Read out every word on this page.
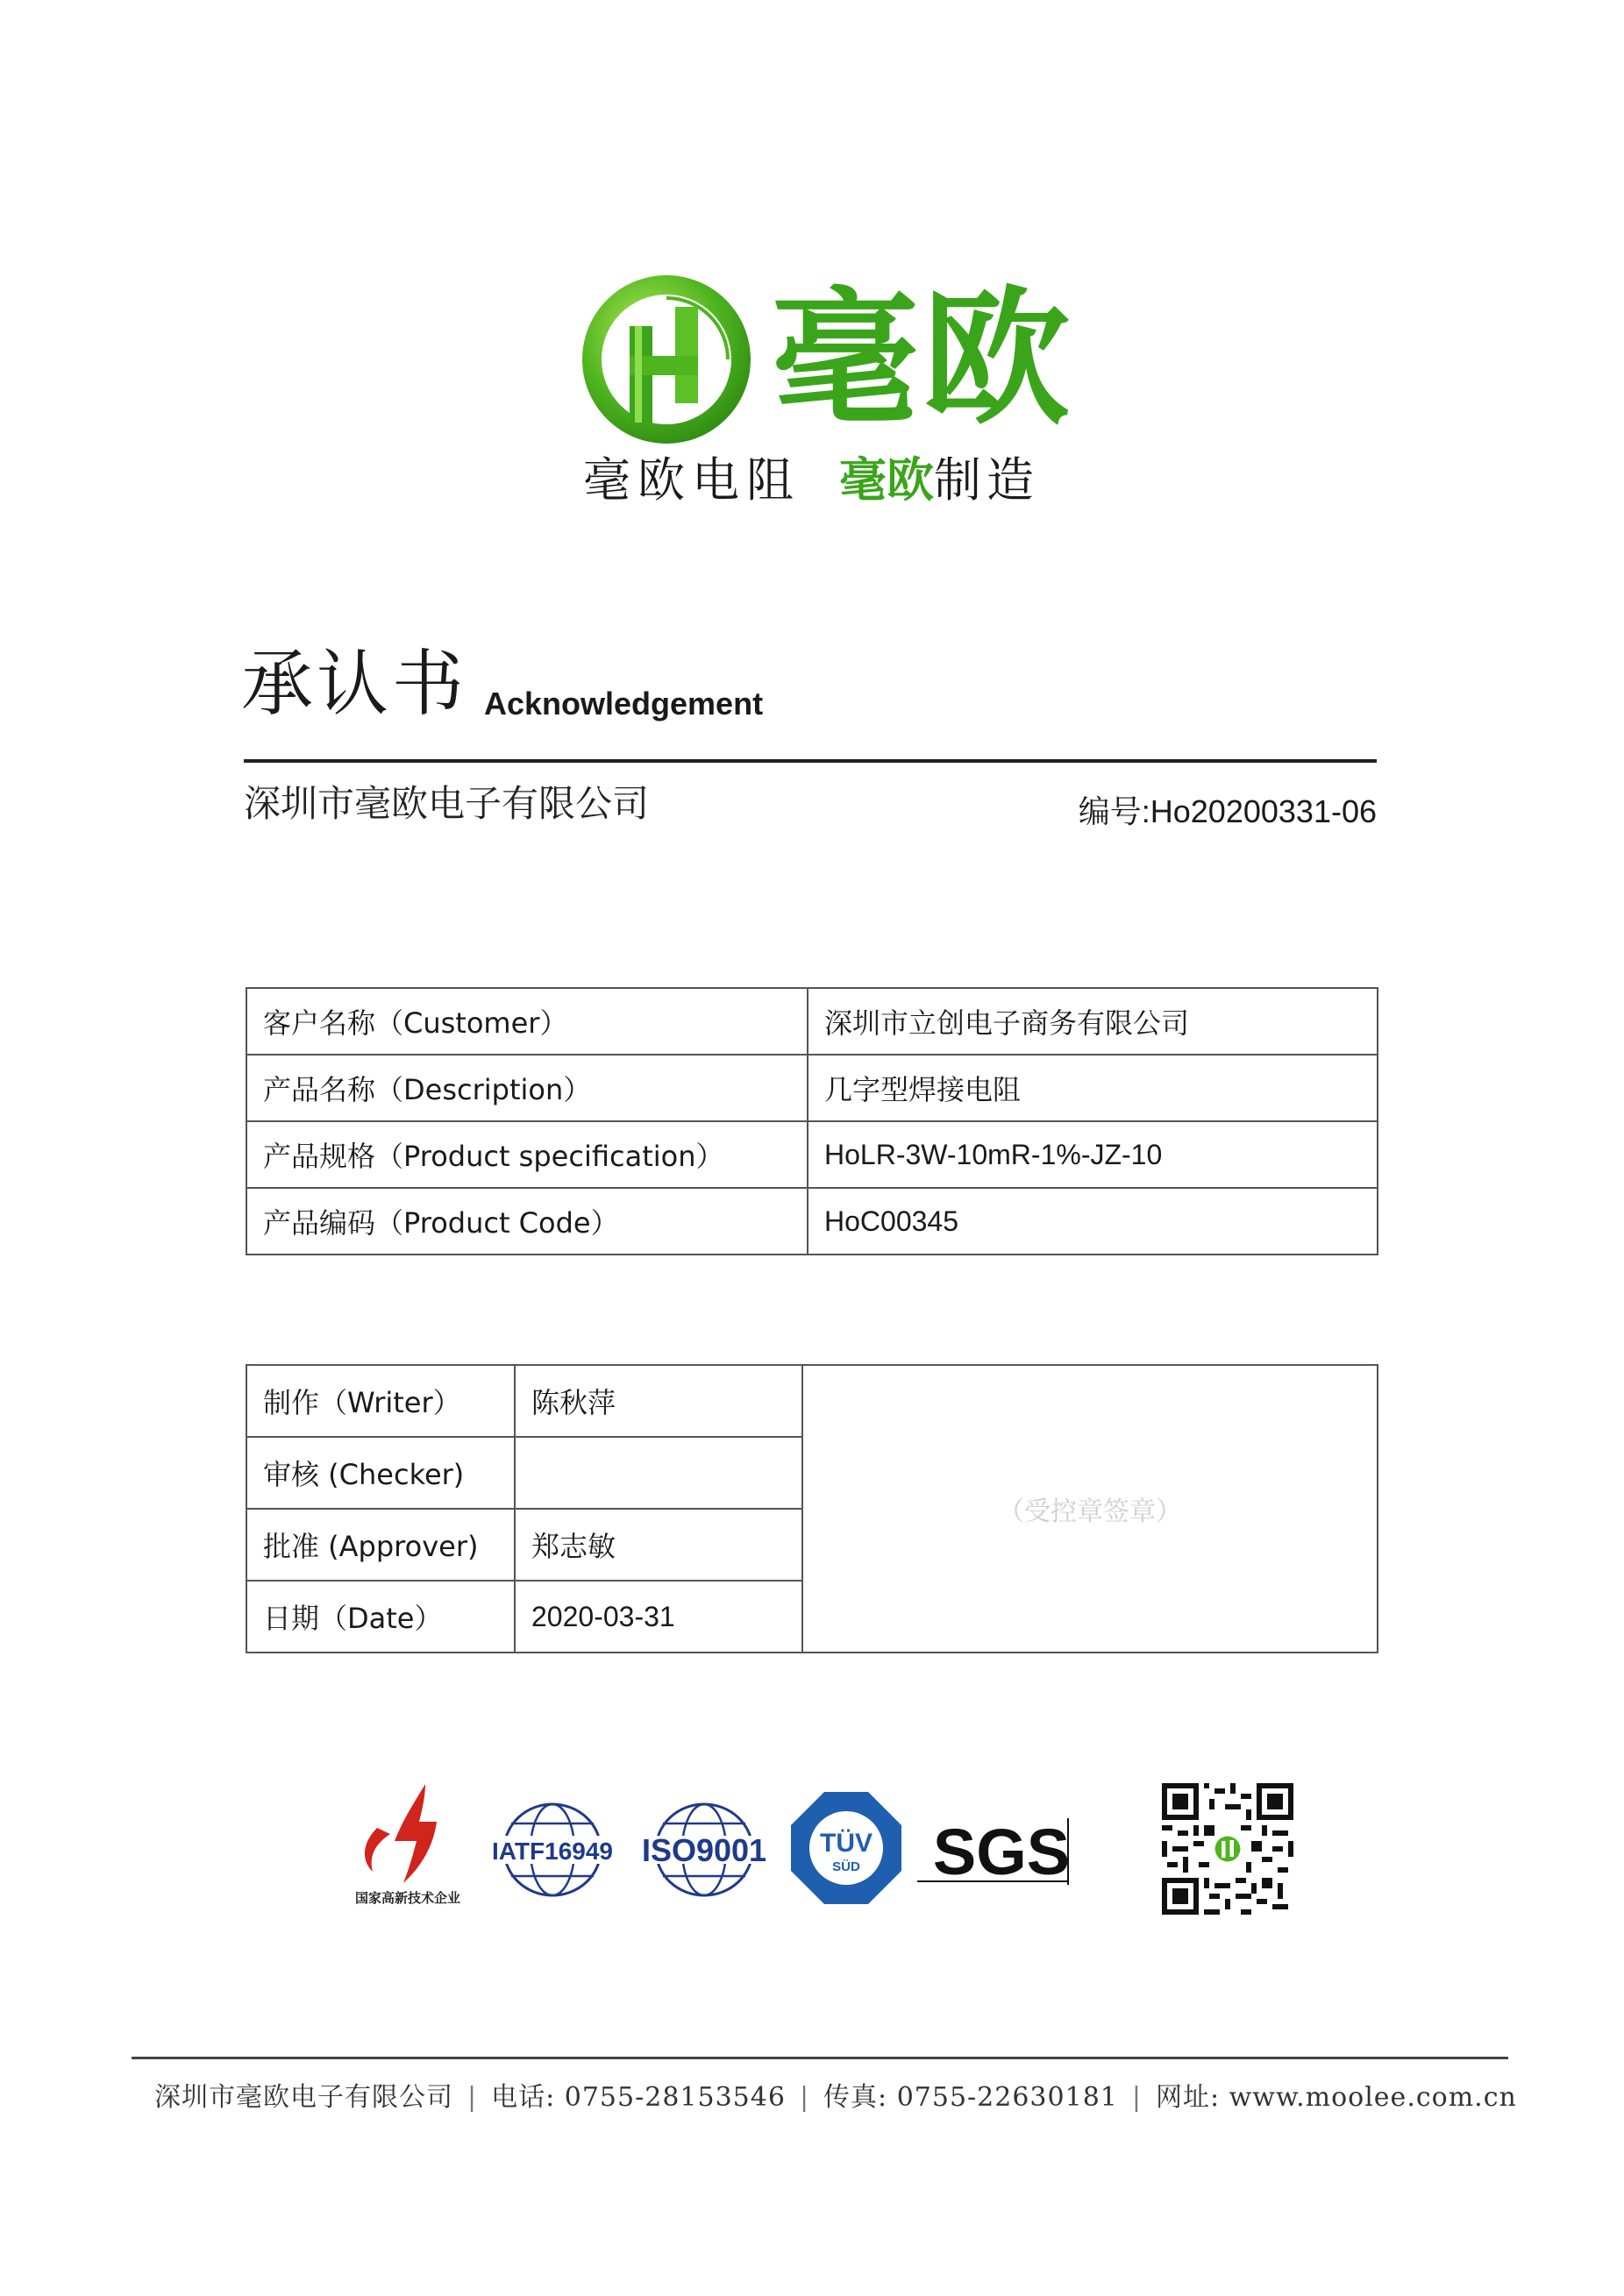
毫欧
毫欧电阻 毫欧制造
承认书 Acknowledgement
深圳市毫欧电子有限公司	编号:Ho20200331-06
客户名称（Customer）	深圳市立创电子商务有限公司
产品名称（Description）	几字型焊接电阻
产品规格（Product specification）	HoLR-3W-10mR-1%-JZ-10
产品编码（Product Code）	HoC00345
制作（Writer）	陈秋萍	（受控章签章）
审核 (Checker)		
批准 (Approver)	郑志敏	
日期（Date）	2020-03-31	
国家高新技术企业
IATF16949 ISO9001 TÜV
SÜD SGS
深圳市毫欧电子有限公司 | 电话: 0755-28153546 | 传真: 0755-22630181 | 网址: www.moolee.com.cn
